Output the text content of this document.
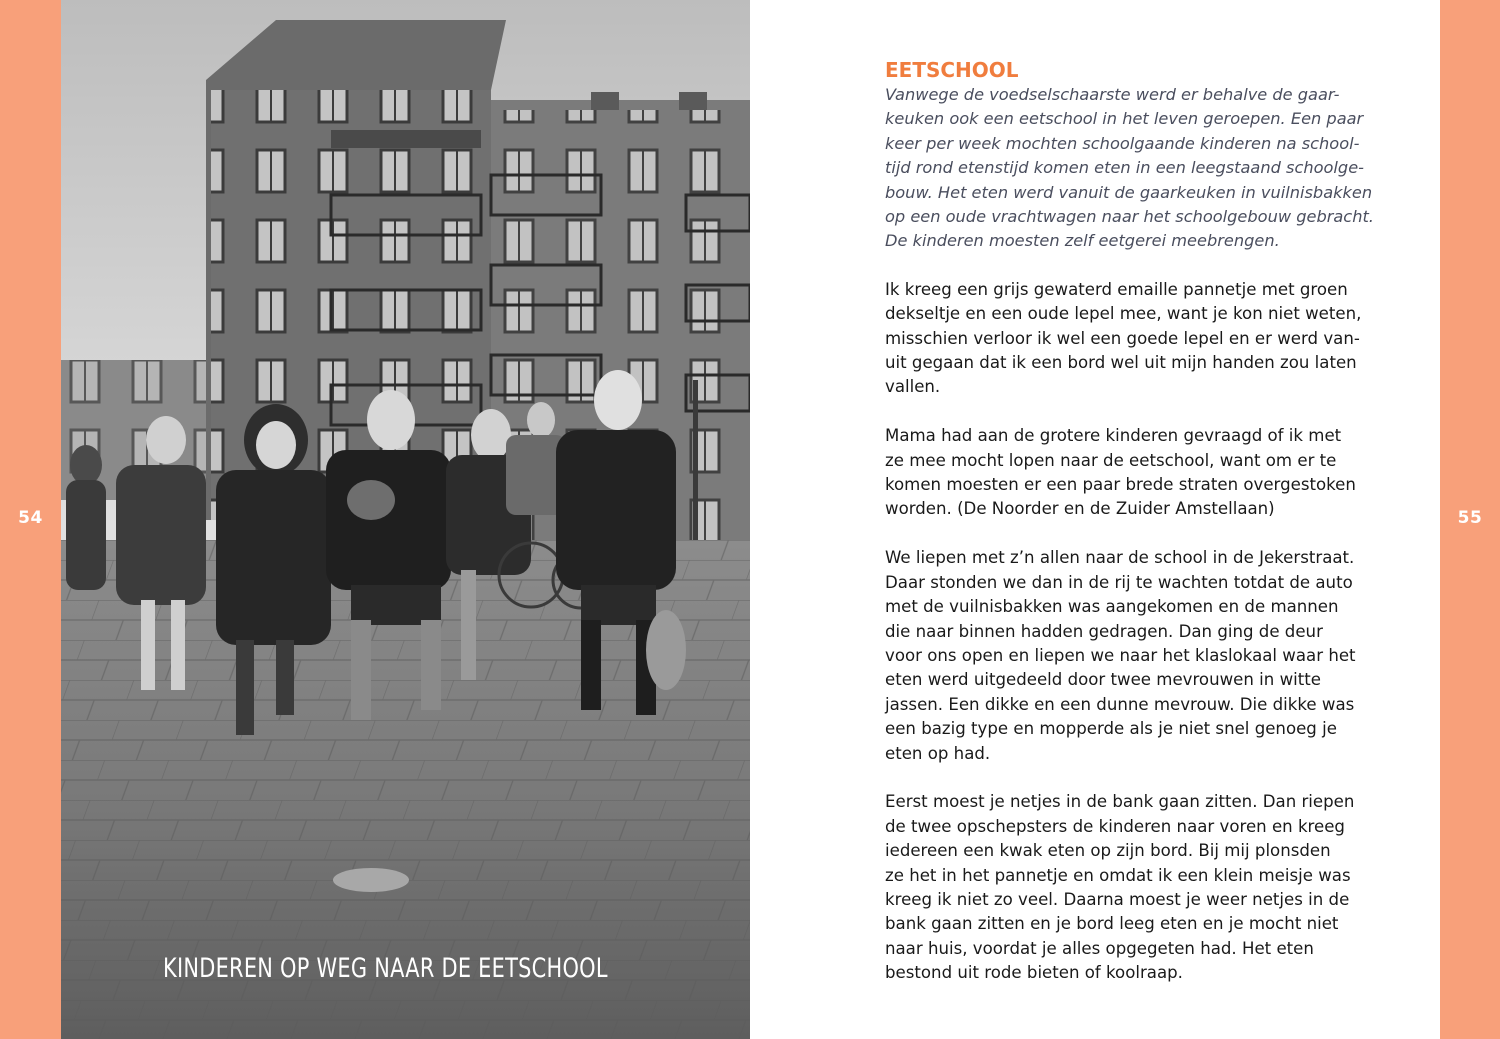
54
KINDEREN OP WEG NAAR DE EETSCHOOL
EETSCHOOL

Vanwege de voedselschaarste werd er behalve de gaar-
keuken ook een eetschool in het leven geroepen. Een paar
keer per week mochten schoolgaande kinderen na school-
tijd rond etenstijd komen eten in een leegstaand schoolge-
bouw. Het eten werd vanuit de gaarkeuken in vuilnisbakken
op een oude vrachtwagen naar het schoolgebouw gebracht.
De kinderen moesten zelf eetgerei meebrengen.

Ik kreeg een grijs gewaterd emaille pannetje met groen
dekseltje en een oude lepel mee, want je kon niet weten,
misschien verloor ik wel een goede lepel en er werd van-
uit gegaan dat ik een bord wel uit mijn handen zou laten
vallen.

Mama had aan de grotere kinderen gevraagd of ik met
ze mee mocht lopen naar de eetschool, want om er te
komen moesten er een paar brede straten overgestoken
worden. (De Noorder en de Zuider Amstellaan)

We liepen met z’n allen naar de school in de Jekerstraat.
Daar stonden we dan in de rij te wachten totdat de auto
met de vuilnisbakken was aangekomen en de mannen
die naar binnen hadden gedragen. Dan ging de deur
voor ons open en liepen we naar het klaslokaal waar het
eten werd uitgedeeld door twee mevrouwen in witte
jassen. Een dikke en een dunne mevrouw. Die dikke was
een bazig type en mopperde als je niet snel genoeg je
eten op had.

Eerst moest je netjes in de bank gaan zitten. Dan riepen
de twee opschepsters de kinderen naar voren en kreeg
iedereen een kwak eten op zijn bord. Bij mij plonsden
ze het in het pannetje en omdat ik een klein meisje was
kreeg ik niet zo veel. Daarna moest je weer netjes in de
bank gaan zitten en je bord leeg eten en je mocht niet
naar huis, voordat je alles opgegeten had. Het eten
bestond uit rode bieten of koolraap.

55
